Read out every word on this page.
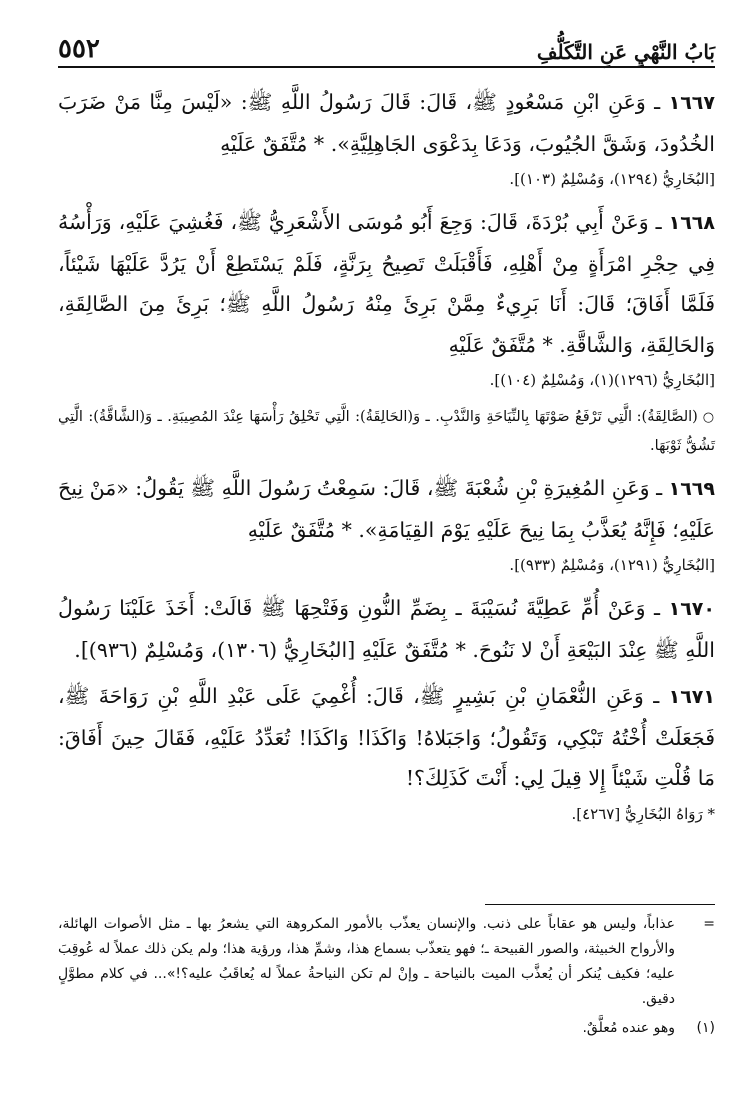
بَابُ النَّهْيِ عَنِ التَّكَلُّفِ
٥٥٢

١٦٦٧ ـ وَعَنِ ابْنِ مَسْعُودٍ ﷺ، قَالَ: قَالَ رَسُولُ اللَّهِ ﷺ: «لَيْسَ مِنَّا مَنْ ضَرَبَ الخُدُودَ، وَشَقَّ الجُيُوبَ، وَدَعَا بِدَعْوَى الجَاهِلِيَّةِ». * مُتَّفَقٌ عَلَيْهِ

[البُخَارِيُّ (١٢٩٤)، وَمُسْلِمٌ (١٠٣)].

١٦٦٨ ـ وَعَنْ أَبِي بُرْدَةَ، قَالَ: وَجِعَ أَبُو مُوسَى الأَشْعَرِيُّ ﷺ، فَغُشِيَ عَلَيْهِ، وَرَأْسُهُ فِي حِجْرِ امْرَأَةٍ مِنْ أَهْلِهِ، فَأَقْبَلَتْ تَصِيحُ بِرَنَّةٍ، فَلَمْ يَسْتَطِعْ أَنْ يَرُدَّ عَلَيْهَا شَيْئاً، فَلَمَّا أَفَاقَ؛ قَالَ: أَنَا بَرِيءٌ مِمَّنْ بَرِئَ مِنْهُ رَسُولُ اللَّهِ ﷺ؛ بَرِئَ مِنَ الصَّالِقَةِ، وَالحَالِقَةِ، وَالشَّاقَّةِ. * مُتَّفَقٌ عَلَيْهِ

[البُخَارِيُّ (١٢٩٦)(١)، وَمُسْلِمٌ (١٠٤)].

○ (الصَّالِقَةُ): الَّتِي تَرْفَعُ صَوْتَهَا بِالنِّيَاحَةِ وَالنَّدْبِ. ـ وَ(الحَالِقَةُ): الَّتِي تَحْلِقُ رَأْسَهَا عِنْدَ المُصِيبَةِ. ـ وَ(الشَّاقَّةُ): الَّتِي تَشُقُّ ثَوْبَهَا.

١٦٦٩ ـ وَعَنِ المُغِيرَةِ بْنِ شُعْبَةَ ﷺ، قَالَ: سَمِعْتُ رَسُولَ اللَّهِ ﷺ يَقُولُ: «مَنْ نِيحَ عَلَيْهِ؛ فَإِنَّهُ يُعَذَّبُ بِمَا نِيحَ عَلَيْهِ يَوْمَ القِيَامَةِ». * مُتَّفَقٌ عَلَيْهِ

[البُخَارِيُّ (١٢٩١)، وَمُسْلِمٌ (٩٣٣)].

١٦٧٠ ـ وَعَنْ أُمِّ عَطِيَّةَ نُسَيْبَةَ ـ بِضَمِّ النُّونِ وَفَتْحِهَا ﷺ قَالَتْ: أَخَذَ عَلَيْنَا رَسُولُ اللَّهِ ﷺ عِنْدَ البَيْعَةِ أَنْ لا نَنُوحَ. * مُتَّفَقٌ عَلَيْهِ [البُخَارِيُّ (١٣٠٦)، وَمُسْلِمٌ (٩٣٦)].

١٦٧١ ـ وَعَنِ النُّعْمَانِ بْنِ بَشِيرٍ ﷺ، قَالَ: أُغْمِيَ عَلَى عَبْدِ اللَّهِ بْنِ رَوَاحَةَ ﷺ، فَجَعَلَتْ أُخْتُهُ تَبْكِي، وَتَقُولُ؛ وَاجَبَلاهُ! وَاكَذَا! وَاكَذَا! تُعَدِّدُ عَلَيْهِ، فَقَالَ حِينَ أَفَاقَ: مَا قُلْتِ شَيْئاً إِلا قِيلَ لِي: أَنْتَ كَذَلِكَ؟!

* رَوَاهُ البُخَارِيُّ [٤٢٦٧].

=
عذاباً، وليس هو عقاباً على ذنب. والإنسان يعذّب بالأمور المكروهة التي يشعرُ بها ـ مثل الأصوات الهائلة، والأرواح الخبيثة، والصور القبيحة ـ؛ فهو يتعذّب بسماع هذا، وشمِّ هذا، ورؤية هذا؛ ولم يكن ذلك عملاً له عُوقِبَ عليه؛ فكيف يُنكر أن يُعذَّب الميت بالنياحة ـ وإنْ لم تكن النياحةُ عملاً له يُعاقَبُ عليه؟!»... في كلام مطوَّلٍ دقيق.
(١)
وهو عنده مُعلَّقٌ.
